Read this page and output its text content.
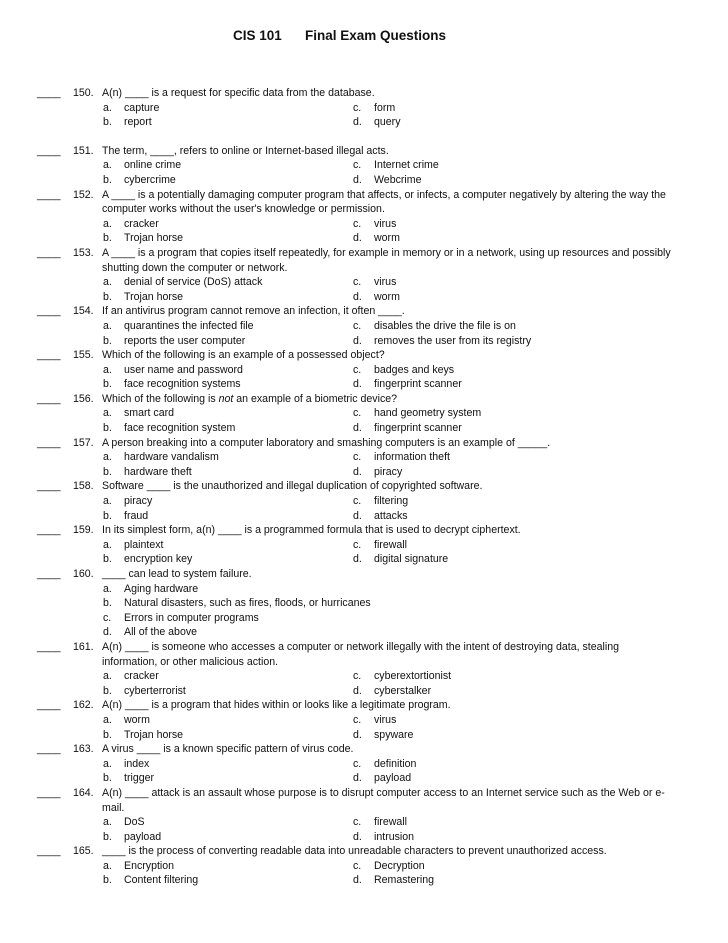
CIS 101 Final Exam Questions
____	150. A(n) ____ is a request for specific data from the database.
a.	capture	c.	form
b.	report	d.	query
____	151. The term, ____, refers to online or Internet-based illegal acts.
a.	online crime	c.	Internet crime
b.	cybercrime	d.	Webcrime
____	152. A ____ is a potentially damaging computer program that affects, or infects, a computer negatively by altering the way the computer works without the user's knowledge or permission.
a.	cracker	c.	virus
b.	Trojan horse	d.	worm
____	153. A ____ is a program that copies itself repeatedly, for example in memory or in a network, using up resources and possibly shutting down the computer or network.
a.	denial of service (DoS) attack	c.	virus
b.	Trojan horse	d.	worm
____	154. If an antivirus program cannot remove an infection, it often ____.
a.	quarantines the infected file	c.	disables the drive the file is on
b.	reports the user computer	d.	removes the user from its registry
____	155. Which of the following is an example of a possessed object?
a.	user name and password	c.	badges and keys
b.	face recognition systems	d.	fingerprint scanner
____	156. Which of the following is not an example of a biometric device?
a.	smart card	c.	hand geometry system
b.	face recognition system	d.	fingerprint scanner
____	157. A person breaking into a computer laboratory and smashing computers is an example of _____.
a.	hardware vandalism	c.	information theft
b.	hardware theft	d.	piracy
____	158. Software ____ is the unauthorized and illegal duplication of copyrighted software.
a.	piracy	c.	filtering
b.	fraud	d.	attacks
____	159. In its simplest form, a(n) ____ is a programmed formula that is used to decrypt ciphertext.
a.	plaintext	c.	firewall
b.	encryption key	d.	digital signature
____	160. ____ can lead to system failure.
a.	Aging hardware
b.	Natural disasters, such as fires, floods, or hurricanes
c.	Errors in computer programs
d.	All of the above
____	161. A(n) ____ is someone who accesses a computer or network illegally with the intent of destroying data, stealing information, or other malicious action.
a.	cracker	c.	cyberextortionist
b.	cyberterrorist	d.	cyberstalker
____	162. A(n) ____ is a program that hides within or looks like a legitimate program.
a.	worm	c.	virus
b.	Trojan horse	d.	spyware
____	163. A virus ____ is a known specific pattern of virus code.
a.	index	c.	definition
b.	trigger	d.	payload
____	164. A(n) ____ attack is an assault whose purpose is to disrupt computer access to an Internet service such as the Web or e-mail.
a.	DoS	c.	firewall
b.	payload	d.	intrusion
____	165. ____ is the process of converting readable data into unreadable characters to prevent unauthorized access.
a.	Encryption	c.	Decryption
b.	Content filtering	d.	Remastering
